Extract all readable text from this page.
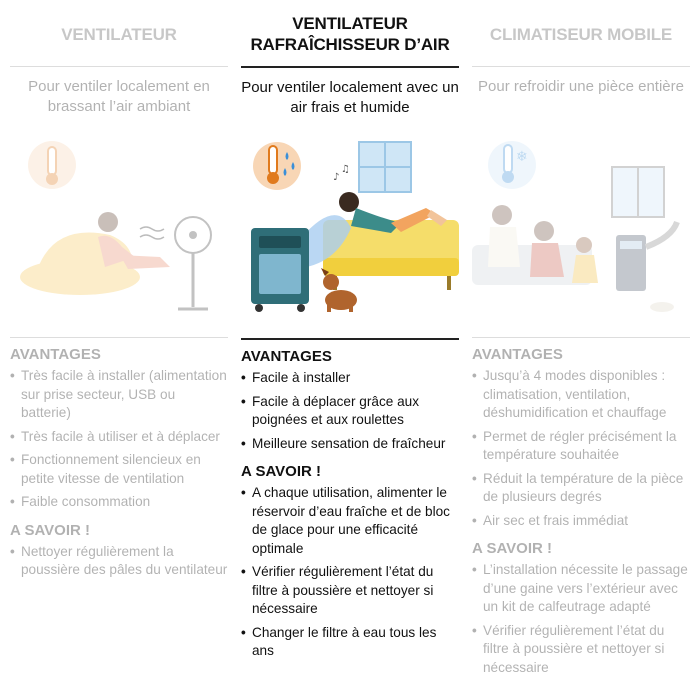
VENTILATEUR
Pour ventiler localement en brassant l’air ambiant
AVANTAGES
• Très facile à installer (alimentation sur prise secteur, USB ou batterie)
• Très facile à utiliser et à déplacer
• Fonctionnement silencieux en petite vitesse de ventilation
• Faible consommation
A SAVOIR !
• Nettoyer régulièrement la poussière des pâles du ventilateur
VENTILATEUR RAFRAÎCHISSEUR D’AIR
Pour ventiler localement avec un air frais et humide
♪
♫
AVANTAGES
• Facile à installer
• Facile à déplacer grâce aux poignées et aux roulettes
• Meilleure sensation de fraîcheur
A SAVOIR !
• A chaque utilisation, alimenter le réservoir d’eau fraîche et de bloc de glace pour une efficacité optimale
• Vérifier régulièrement l’état du filtre à poussière et nettoyer si nécessaire
• Changer le filtre à eau tous les ans
CLIMATISEUR MOBILE
Pour refroidir une pièce entière
❄
AVANTAGES
• Jusqu’à 4 modes disponibles : climatisation, ventilation, déshumidification et chauffage
• Permet de régler précisément la température souhaitée
• Réduit la température de la pièce de plusieurs degrés
• Air sec et frais immédiat
A SAVOIR !
• L’installation nécessite le passage d’une gaine vers l’extérieur avec un kit de calfeutrage adapté
• Vérifier régulièrement l’état du filtre à poussière et nettoyer si nécessaire
